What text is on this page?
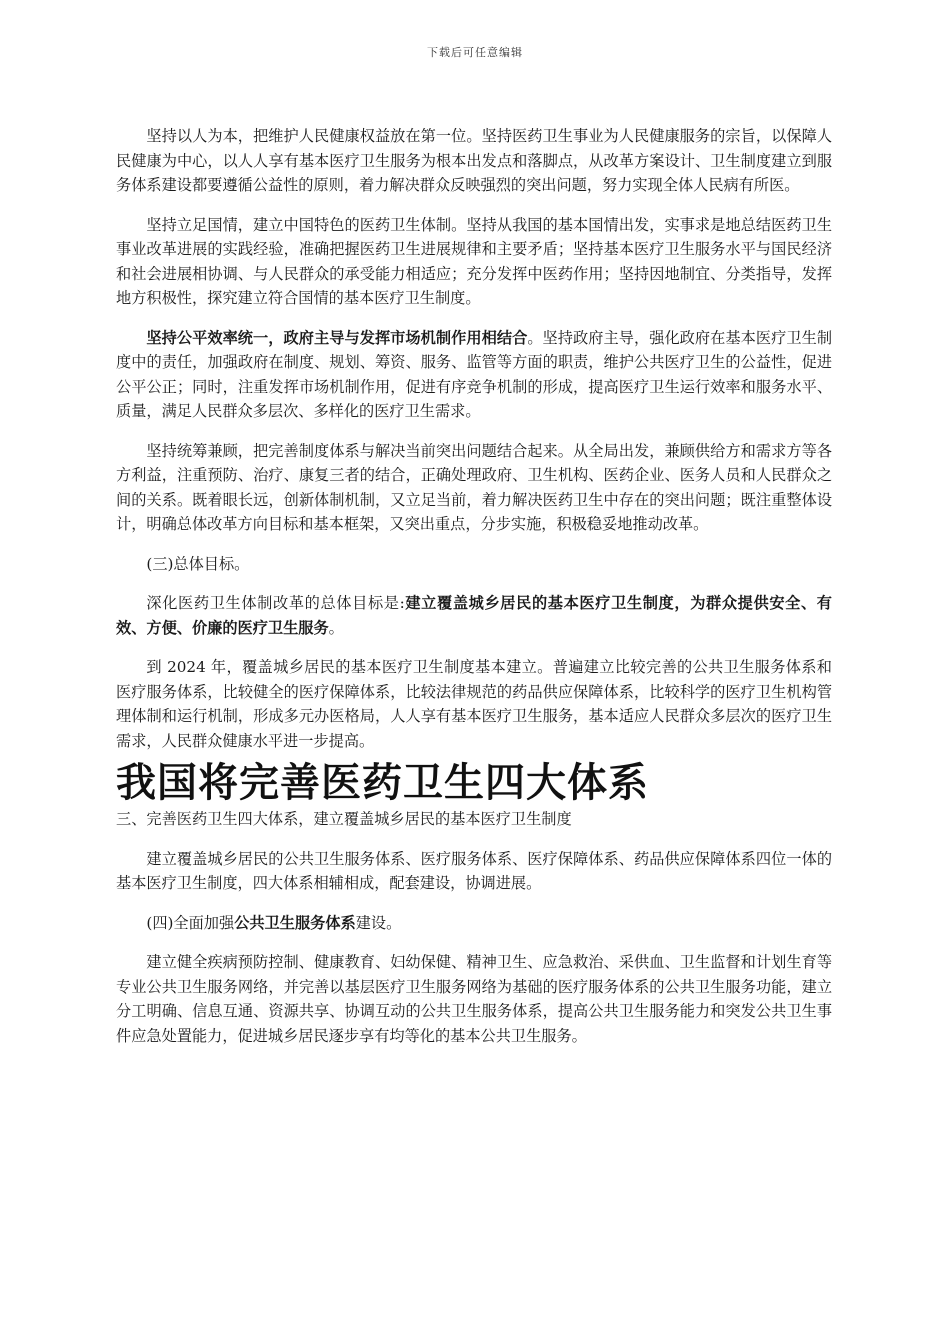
下载后可任意编辑

坚持以人为本，把维护人民健康权益放在第一位。坚持医药卫生事业为人民健康服务的宗旨，以保障人民健康为中心，以人人享有基本医疗卫生服务为根本出发点和落脚点，从改革方案设计、卫生制度建立到服务体系建设都要遵循公益性的原则，着力解决群众反映强烈的突出问题，努力实现全体人民病有所医。

坚持立足国情，建立中国特色的医药卫生体制。坚持从我国的基本国情出发，实事求是地总结医药卫生事业改革进展的实践经验，准确把握医药卫生进展规律和主要矛盾；坚持基本医疗卫生服务水平与国民经济和社会进展相协调、与人民群众的承受能力相适应；充分发挥中医药作用；坚持因地制宜、分类指导，发挥地方积极性，探究建立符合国情的基本医疗卫生制度。

坚持公平效率统一，政府主导与发挥市场机制作用相结合。坚持政府主导，强化政府在基本医疗卫生制度中的责任，加强政府在制度、规划、筹资、服务、监管等方面的职责，维护公共医疗卫生的公益性，促进公平公正；同时，注重发挥市场机制作用，促进有序竞争机制的形成，提高医疗卫生运行效率和服务水平、质量，满足人民群众多层次、多样化的医疗卫生需求。

坚持统筹兼顾，把完善制度体系与解决当前突出问题结合起来。从全局出发，兼顾供给方和需求方等各方利益，注重预防、治疗、康复三者的结合，正确处理政府、卫生机构、医药企业、医务人员和人民群众之间的关系。既着眼长远，创新体制机制，又立足当前，着力解决医药卫生中存在的突出问题；既注重整体设计，明确总体改革方向目标和基本框架，又突出重点，分步实施，积极稳妥地推动改革。

(三)总体目标。

深化医药卫生体制改革的总体目标是:建立覆盖城乡居民的基本医疗卫生制度，为群众提供安全、有效、方便、价廉的医疗卫生服务。

到 2024 年，覆盖城乡居民的基本医疗卫生制度基本建立。普遍建立比较完善的公共卫生服务体系和医疗服务体系，比较健全的医疗保障体系，比较法律规范的药品供应保障体系，比较科学的医疗卫生机构管理体制和运行机制，形成多元办医格局，人人享有基本医疗卫生服务，基本适应人民群众多层次的医疗卫生需求，人民群众健康水平进一步提高。

我国将完善医药卫生四大体系

三、完善医药卫生四大体系，建立覆盖城乡居民的基本医疗卫生制度

建立覆盖城乡居民的公共卫生服务体系、医疗服务体系、医疗保障体系、药品供应保障体系四位一体的基本医疗卫生制度，四大体系相辅相成，配套建设，协调进展。

(四)全面加强公共卫生服务体系建设。

建立健全疾病预防控制、健康教育、妇幼保健、精神卫生、应急救治、采供血、卫生监督和计划生育等专业公共卫生服务网络，并完善以基层医疗卫生服务网络为基础的医疗服务体系的公共卫生服务功能，建立分工明确、信息互通、资源共享、协调互动的公共卫生服务体系，提高公共卫生服务能力和突发公共卫生事件应急处置能力，促进城乡居民逐步享有均等化的基本公共卫生服务。
